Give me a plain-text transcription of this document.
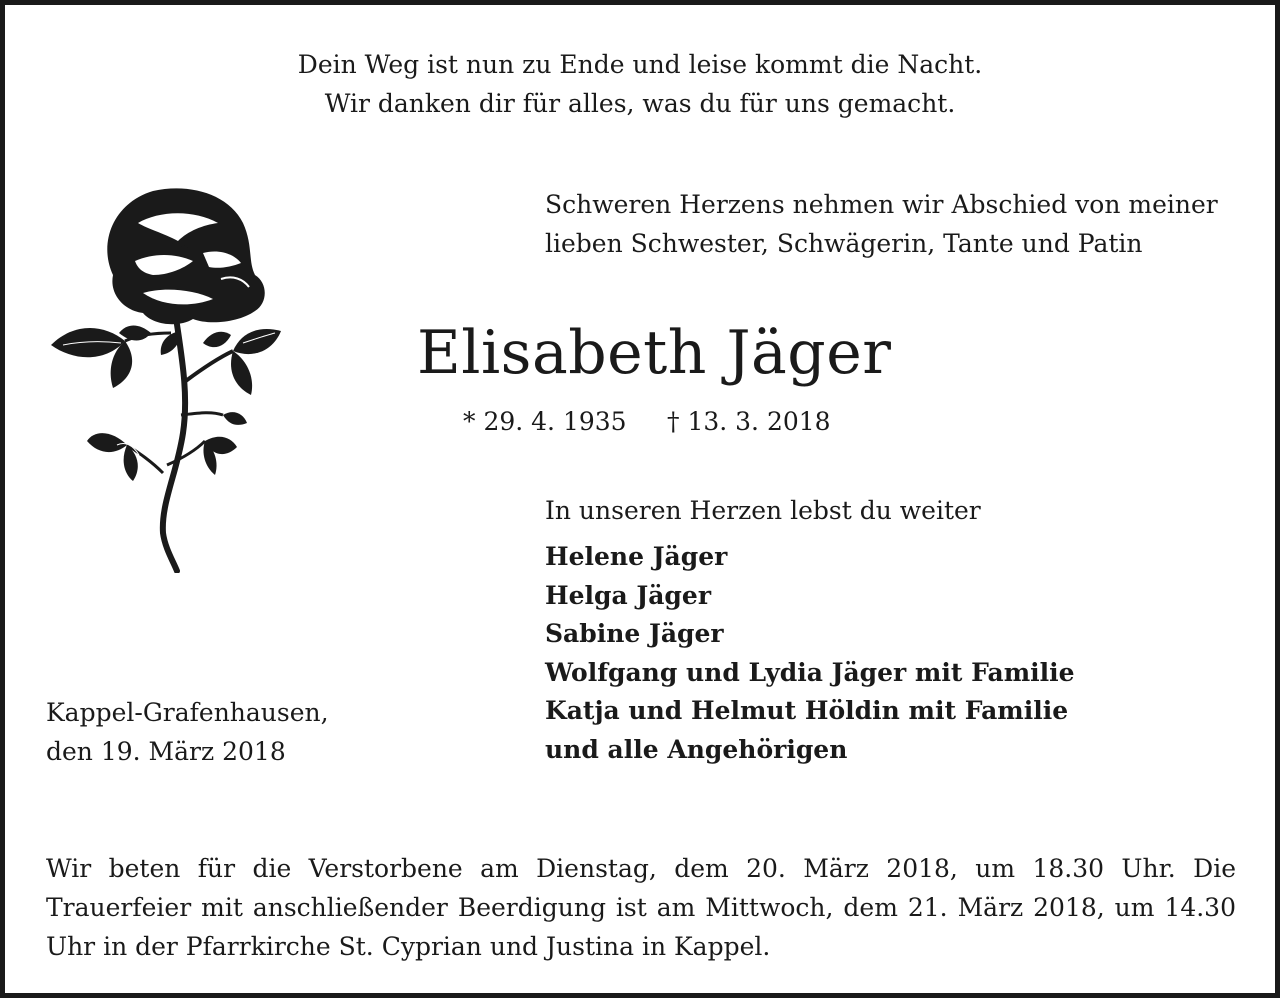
Dein Weg ist nun zu Ende und leise kommt die Nacht.
Wir danken dir für alles, was du für uns gemacht.
Schweren Herzens nehmen wir Abschied von meiner
lieben Schwester, Schwägerin, Tante und Patin
Elisabeth Jäger
* 29. 4. 1935 † 13. 3. 2018
In unseren Herzen lebst du weiter
Helene Jäger
Helga Jäger
Sabine Jäger
Wolfgang und Lydia Jäger mit Familie
Katja und Helmut Höldin mit Familie
und alle Angehörigen
Kappel-Grafenhausen,
den 19. März 2018
Wir beten für die Verstorbene am Dienstag, dem 20. März 2018, um 18.30 Uhr. Die Trauerfeier mit anschließender Beerdigung ist am Mittwoch, dem 21. März 2018, um 14.30 Uhr in der Pfarrkirche St. Cyprian und Justina in Kappel.
